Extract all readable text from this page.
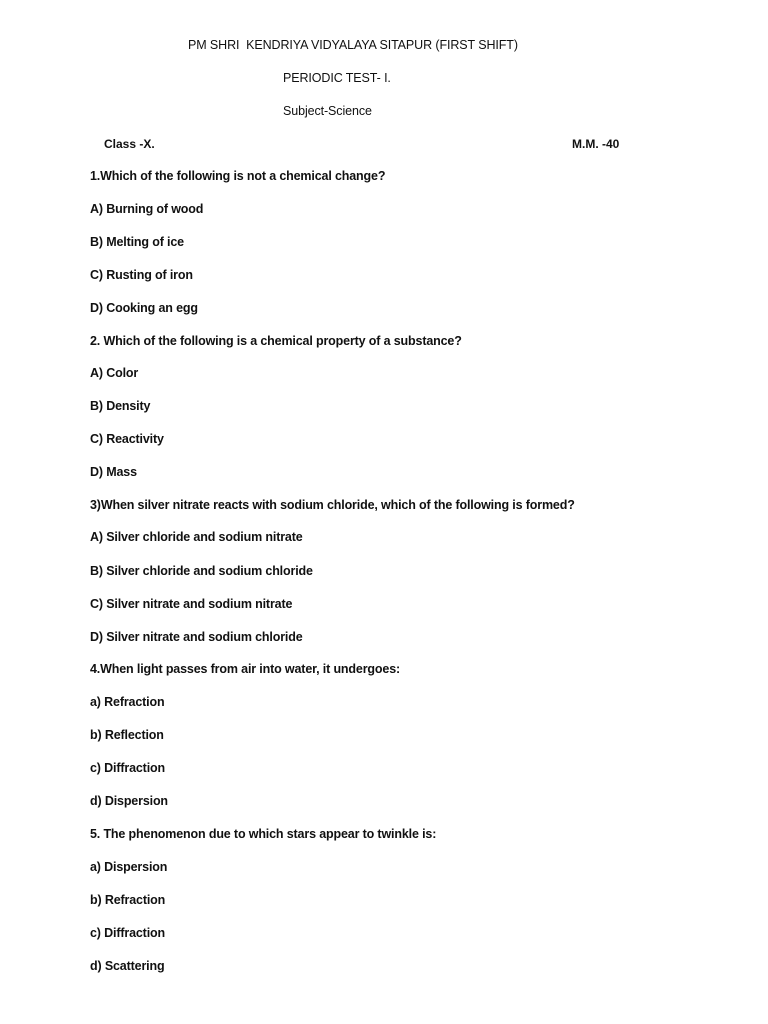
PM SHRI  KENDRIYA VIDYALAYA SITAPUR (FIRST SHIFT)
PERIODIC TEST- I.
Subject-Science
Class -X.	M.M. -40
1.Which of the following is not a chemical change?
A) Burning of wood
B) Melting of ice
C) Rusting of iron
D) Cooking an egg
2. Which of the following is a chemical property of a substance?
A) Color
B) Density
C) Reactivity
D) Mass
3)When silver nitrate reacts with sodium chloride, which of the following is formed?
A) Silver chloride and sodium nitrate
B) Silver chloride and sodium chloride
C) Silver nitrate and sodium nitrate
D) Silver nitrate and sodium chloride
4.When light passes from air into water, it undergoes:
a) Refraction
b) Reflection
c) Diffraction
d) Dispersion
5. The phenomenon due to which stars appear to twinkle is:
a) Dispersion
b) Refraction
c) Diffraction
d) Scattering
